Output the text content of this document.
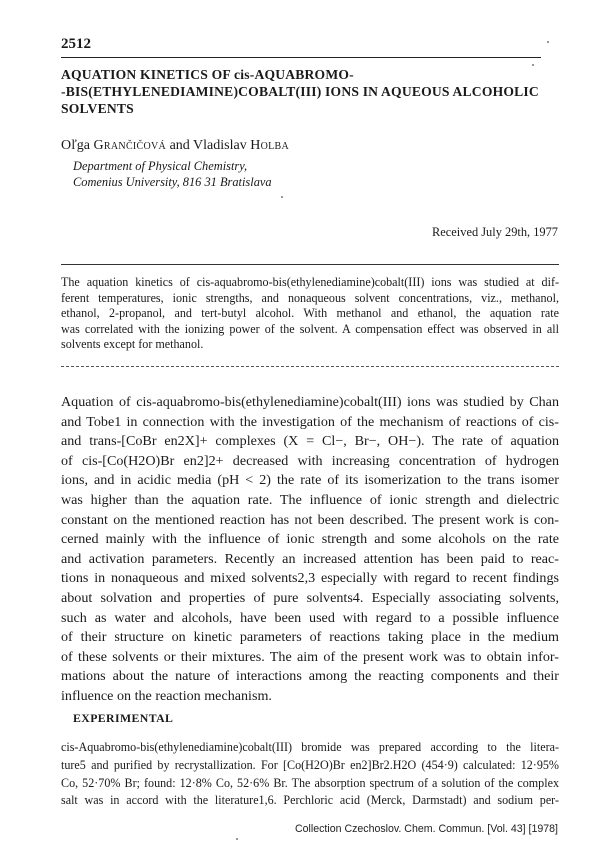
2512
AQUATION KINETICS OF cis-AQUABROMO-
-BIS(ETHYLENEDIAMINE)COBALT(III) IONS IN AQUEOUS ALCOHOLIC
SOLVENTS
Oľga Grančičová and Vladislav Holba
Department of Physical Chemistry,
Comenius University, 816 31 Bratislava
Received July 29th, 1977
The aquation kinetics of cis-aquabromo-bis(ethylenediamine)cobalt(III) ions was studied at dif-
ferent temperatures, ionic strengths, and nonaqueous solvent concentrations, viz., methanol,
ethanol, 2-propanol, and tert-butyl alcohol. With methanol and ethanol, the aquation rate
was correlated with the ionizing power of the solvent. A compensation effect was observed in all
solvents except for methanol.
Aquation of cis-aquabromo-bis(ethylenediamine)cobalt(III) ions was studied by Chan
and Tobe1 in connection with the investigation of the mechanism of reactions of cis-
and trans-[CoBr en2X]+ complexes (X = Cl−, Br−, OH−). The rate of aquation
of cis-[Co(H2O)Br en2]2+ decreased with increasing concentration of hydrogen
ions, and in acidic media (pH < 2) the rate of its isomerization to the trans isomer
was higher than the aquation rate. The influence of ionic strength and dielectric
constant on the mentioned reaction has not been described. The present work is con-
cerned mainly with the influence of ionic strength and some alcohols on the rate
and activation parameters. Recently an increased attention has been paid to reac-
tions in nonaqueous and mixed solvents2,3 especially with regard to recent findings
about solvation and properties of pure solvents4. Especially associating solvents,
such as water and alcohols, have been used with regard to a possible influence
of their structure on kinetic parameters of reactions taking place in the medium
of these solvents or their mixtures. The aim of the present work was to obtain infor-
mations about the nature of interactions among the reacting components and their
influence on the reaction mechanism.
EXPERIMENTAL
cis-Aquabromo-bis(ethylenediamine)cobalt(III) bromide was prepared according to the litera-
ture5 and purified by recrystallization. For [Co(H2O)Br en2]Br2.H2O (454·9) calculated: 12·95%
Co, 52·70% Br; found: 12·8% Co, 52·6% Br. The absorption spectrum of a solution of the complex
salt was in accord with the literature1,6. Perchloric acid (Merck, Darmstadt) and sodium per-
Collection Czechoslov. Chem. Commun. [Vol. 43] [1978]
